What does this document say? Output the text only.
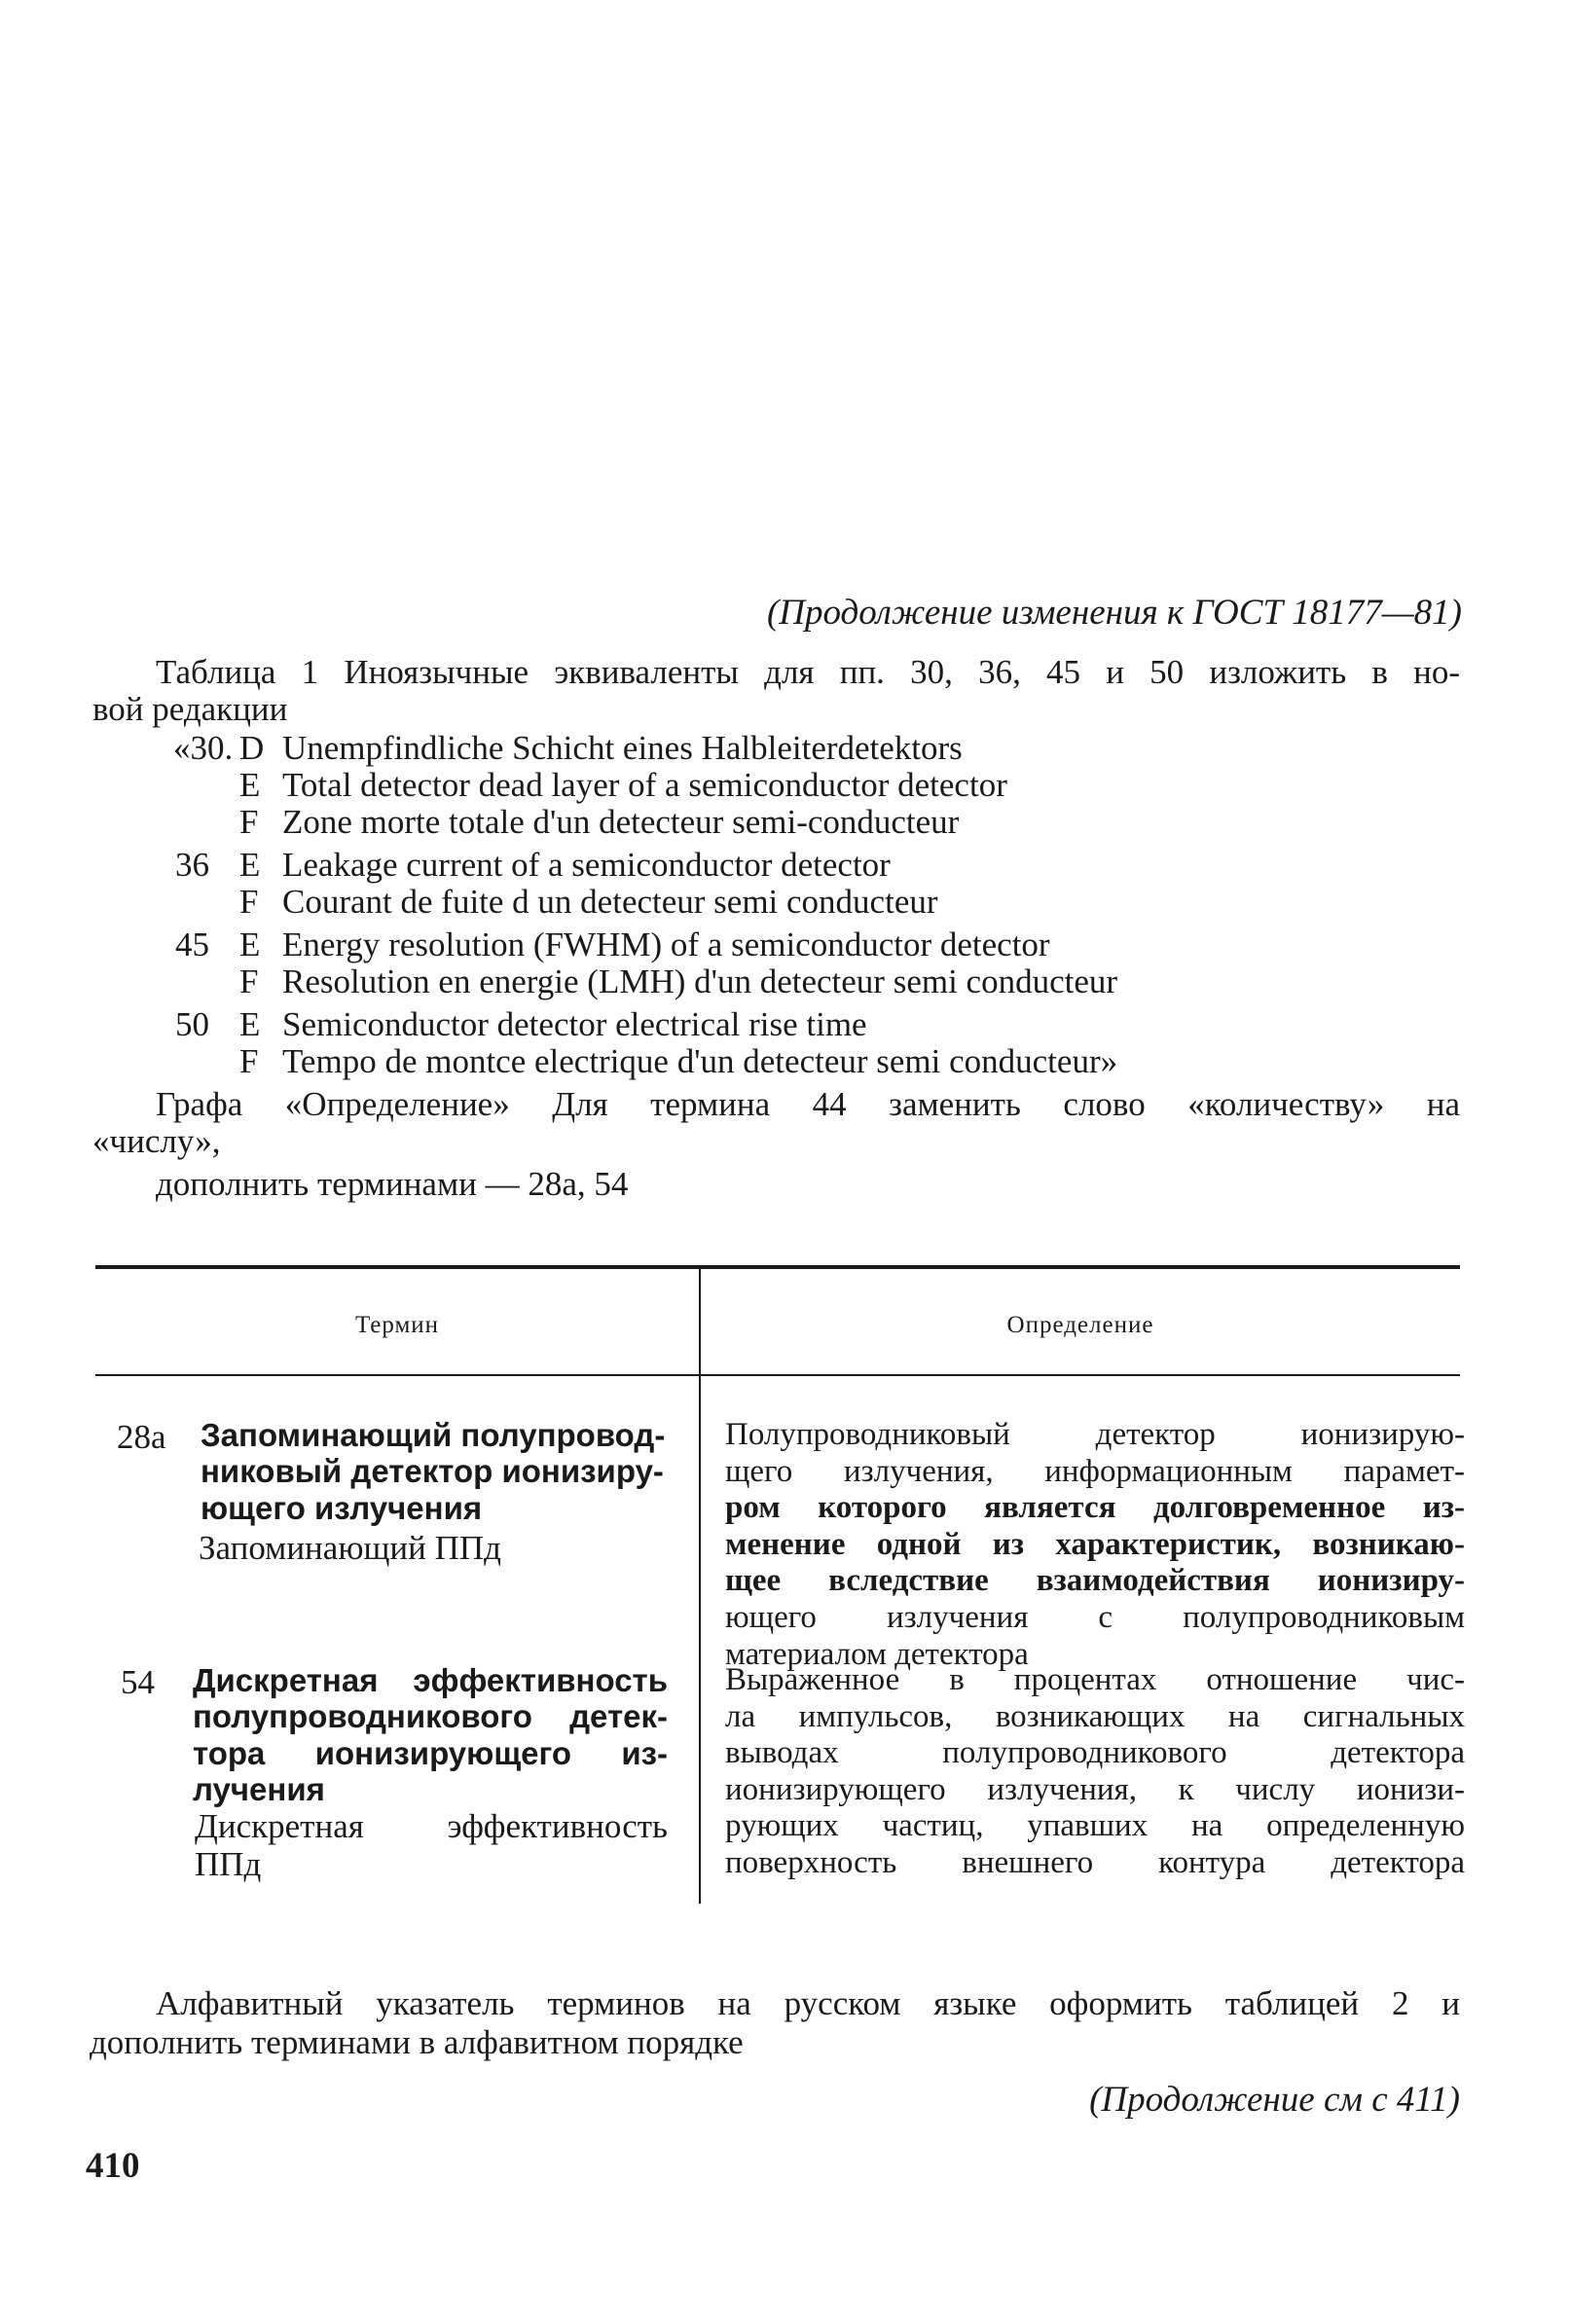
(Продолжение изменения к ГОСТ 18177—81)
Таблица 1 Иноязычные эквиваленты для пп. 30, 36, 45 и 50 изложить в но-
вой редакции
«30. D Unempfindliche Schicht eines Halbleiterdetektors
E Total detector dead layer of a semiconductor detector
F Zone morte totale d'un detecteur semi-conducteur
36 E Leakage current of a semiconductor detector
F Courant de fuite d un detecteur semi conducteur
45 E Energy resolution (FWHM) of a semiconductor detector
F Resolution en energie (LMH) d'un detecteur semi conducteur
50 E Semiconductor detector electrical rise time
F Tempo de montce electrique d'un detecteur semi conducteur»
Графа «Определение» Для термина 44 заменить слово «количеству» на
«числу»,
дополнить терминами — 28а, 54
Термин	Определение
28а Запоминающий полупровод-
никовый детектор ионизиру-
ющего излучения
Запоминающий ППд
Полупроводниковый детектор ионизирую-
щего излучения, информационным парамет-
ром которого является долговременное из-
менение одной из характеристик, возникаю-
щее вследствие взаимодействия ионизиру-
ющего излучения с полупроводниковым
материалом детектора
54 Дискретная эффективность
полупроводникового детек-
тора ионизирующего из-
лучения
Дискретная эффективность
ППд
Выраженное в процентах отношение чис-
ла импульсов, возникающих на сигнальных
выводах полупроводникового детектора
ионизирующего излучения, к числу ионизи-
рующих частиц, упавших на определенную
поверхность внешнего контура детектора
Алфавитный указатель терминов на русском языке оформить таблицей 2 и
дополнить терминами в алфавитном порядке
(Продолжение см с 411)
410
